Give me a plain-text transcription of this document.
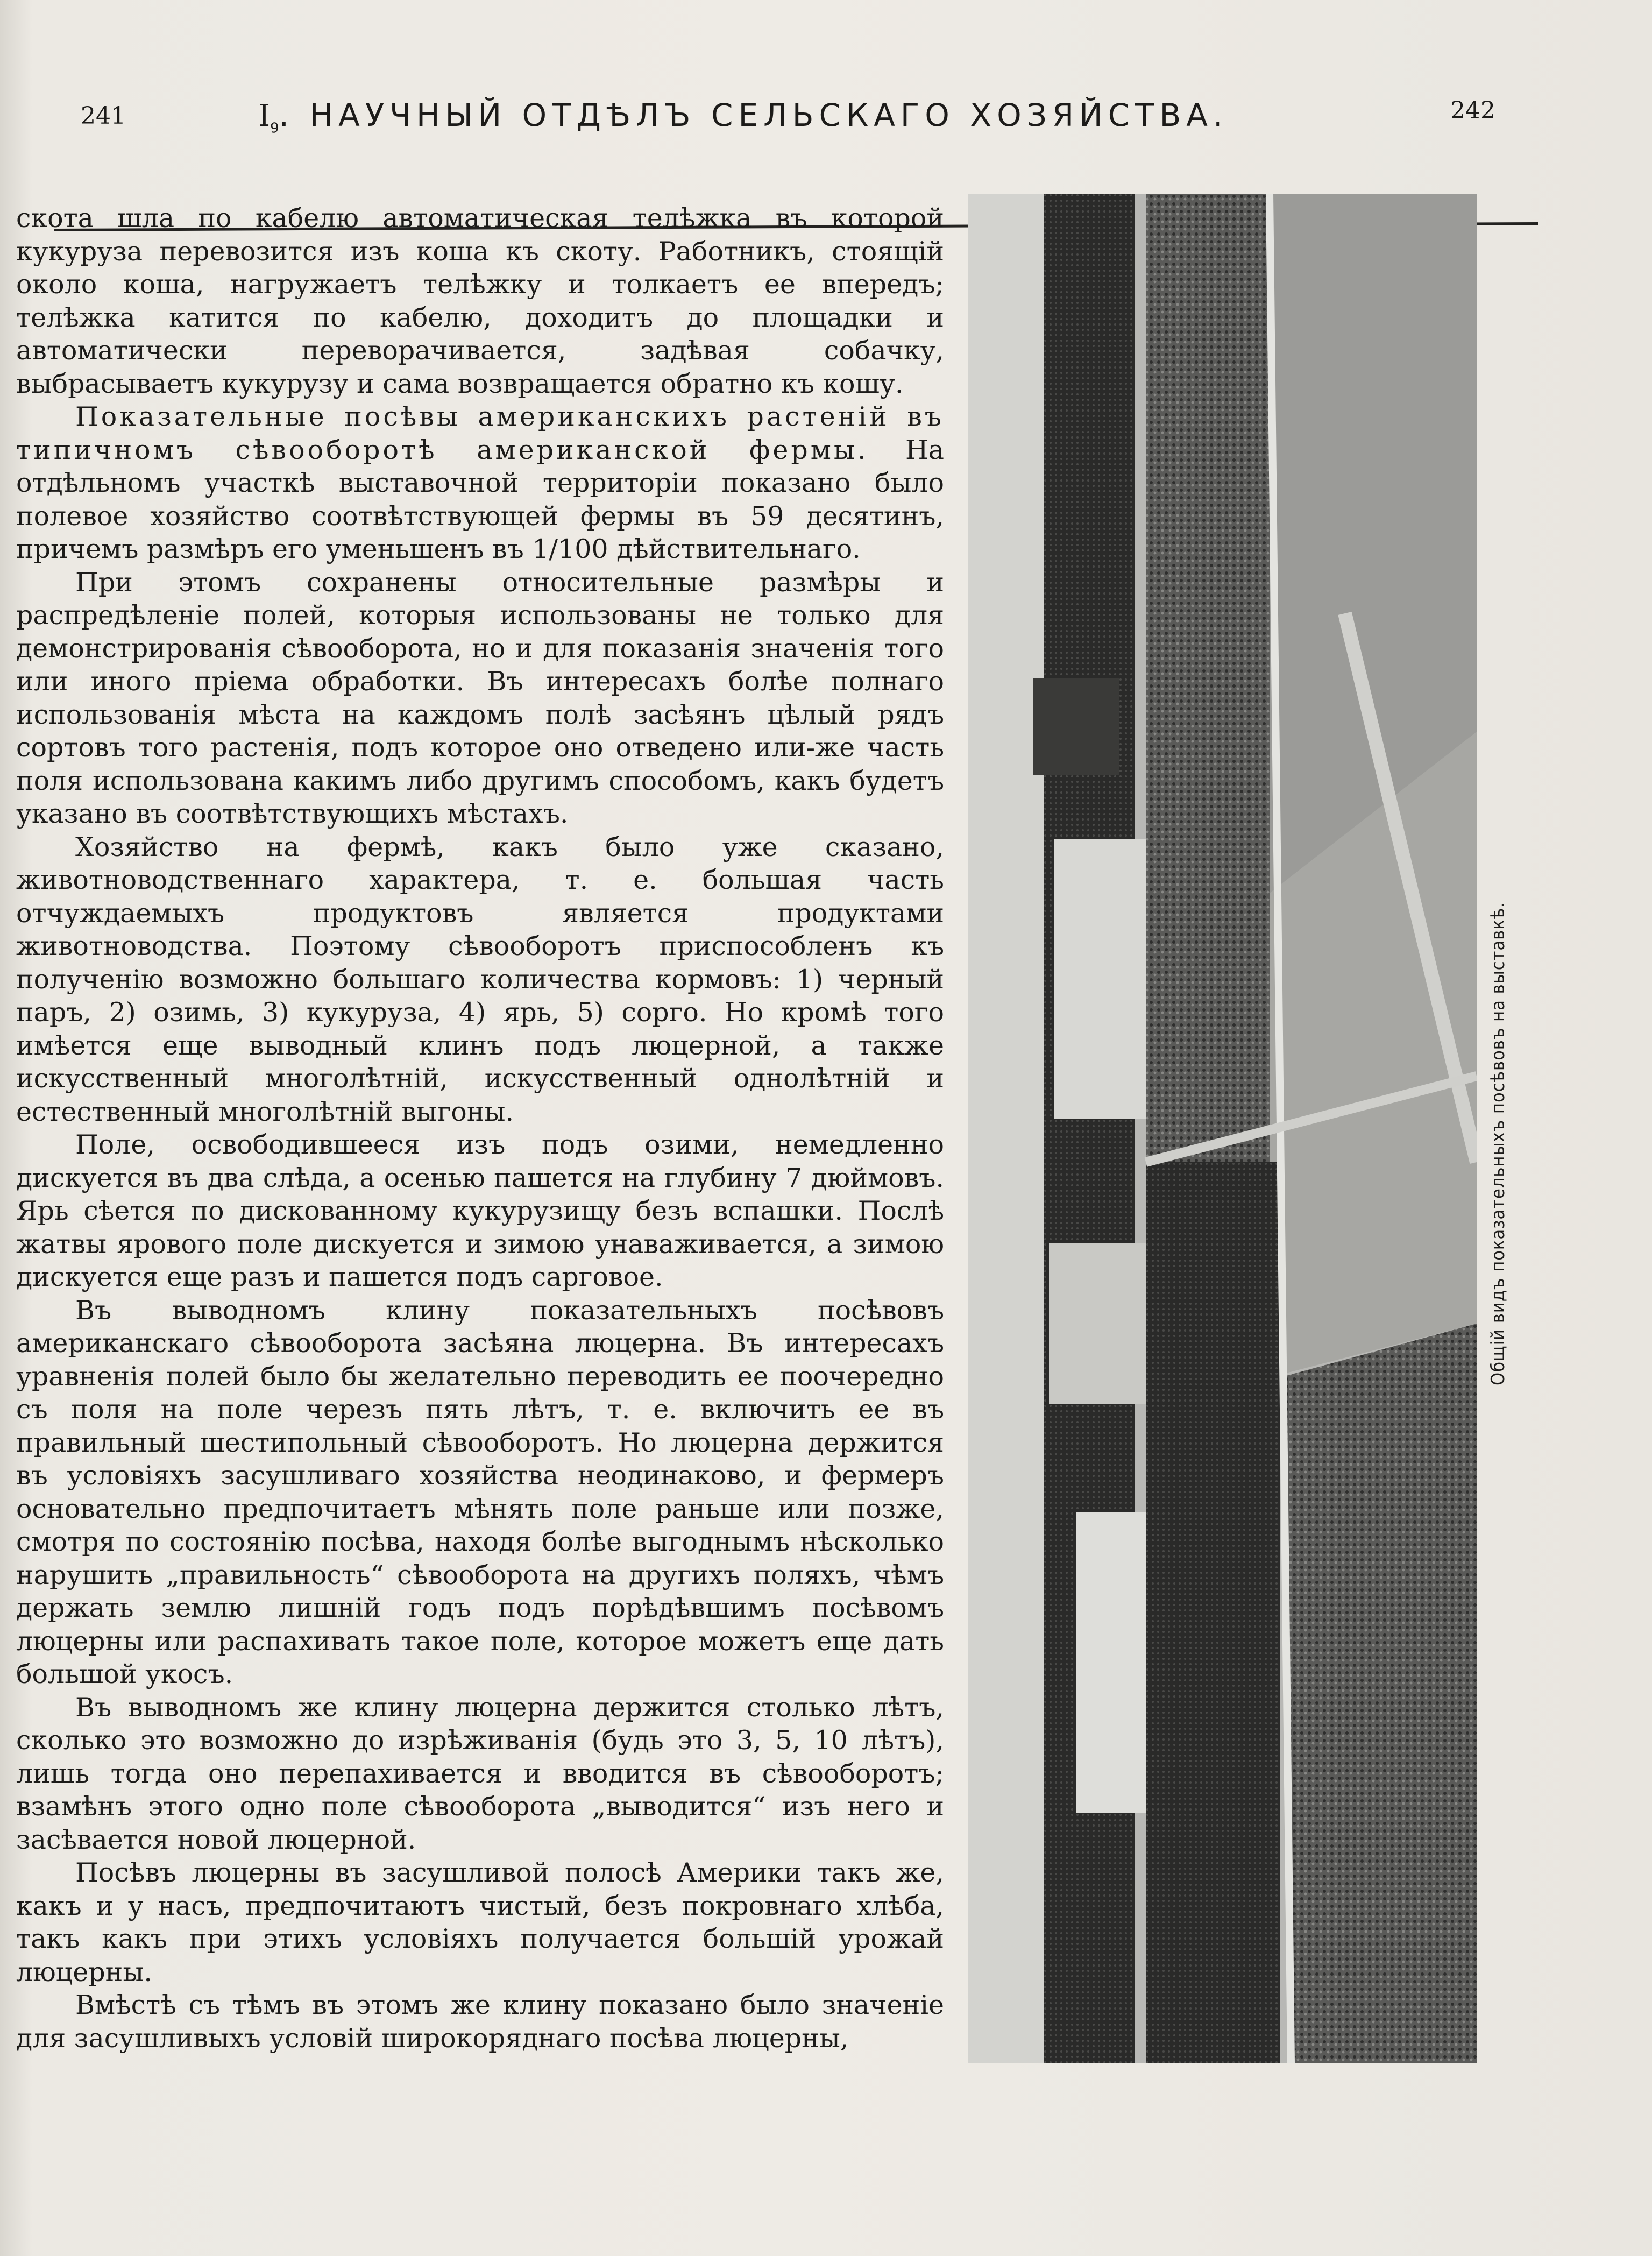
241	$I_9$. НАУЧНЫЙ ОТДѢЛЪ СЕЛЬСКАГО ХОЗЯЙСТВА.	242

скота шла по кабелю автоматическая телѣжка въ которой кукуруза перевозится изъ коша къ скоту. Работникъ, стоящій около коша, нагружаетъ телѣжку и толкаетъ ее впередъ; телѣжка катится по кабелю, доходитъ до площадки и автоматически переворачивается, задѣвая собачку, выбрасываетъ кукурузу и сама возвращается обратно къ кошу.

Показательные посѣвы американскихъ растеній въ типичномъ сѣвооборотѣ американской фермы. На отдѣльномъ участкѣ выставочной территоріи показано было полевое хозяйство соотвѣтствующей фермы въ 59 десятинъ, причемъ размѣръ его уменьшенъ въ 1/100 дѣйствительнаго.

При этомъ сохранены относительные размѣры и распредѣленіе полей, которыя использованы не только для демонстрированія сѣвооборота, но и для показанія значенія того или иного пріема обработки. Въ интересахъ болѣе полнаго использованія мѣста на каждомъ полѣ засѣянъ цѣлый рядъ сортовъ того растенія, подъ которое оно отведено или-же часть поля использована какимъ либо другимъ способомъ, какъ будетъ указано въ соотвѣтствующихъ мѣстахъ.

Хозяйство на фермѣ, какъ было уже сказано, животноводственнаго характера, т. е. большая часть отчуждаемыхъ продуктовъ является продуктами животноводства. Поэтому сѣвооборотъ приспособленъ къ полученію возможно большаго количества кормовъ: 1) черный паръ, 2) озимь, 3) кукуруза, 4) ярь, 5) сорго. Но кромѣ того имѣется еще выводный клинъ подъ люцерной, а также искусственный многолѣтній, искусственный однолѣтній и естественный многолѣтній выгоны.

Поле, освободившееся изъ подъ озими, немедленно дискуется въ два слѣда, а осенью пашется на глубину 7 дюймовъ. Ярь сѣется по дискованному кукурузищу безъ вспашки. Послѣ жатвы ярового поле дискуется и зимою унаваживается, а зимою дискуется еще разъ и пашется подъ сарговое.

Въ выводномъ клину показательныхъ посѣвовъ американскаго сѣвооборота засѣяна люцерна. Въ интересахъ уравненія полей было бы желательно переводить ее поочередно съ поля на поле черезъ пять лѣтъ, т. е. включить ее въ правильный шестипольный сѣвооборотъ. Но люцерна держится въ условіяхъ засушливаго хозяйства неодинаково, и фермеръ основательно предпочитаетъ мѣнять поле раньше или позже, смотря по состоянію посѣва, находя болѣе выгоднымъ нѣсколько нарушить „правильность“ сѣвооборота на другихъ поляхъ, чѣмъ держать землю лишній годъ подъ порѣдѣвшимъ посѣвомъ люцерны или распахивать такое поле, которое можетъ еще дать большой укосъ.

Въ выводномъ же клину люцерна держится столько лѣтъ, сколько это возможно до изрѣживанія (будь это 3, 5, 10 лѣтъ), лишь тогда оно перепахивается и вводится въ сѣвооборотъ; взамѣнъ этого одно поле сѣвооборота „выводится“ изъ него и засѣвается новой люцерной.

Посѣвъ люцерны въ засушливой полосѣ Америки такъ же, какъ и у насъ, предпочитаютъ чистый, безъ покровнаго хлѣба, такъ какъ при этихъ условіяхъ получается большій урожай люцерны.

Вмѣстѣ съ тѣмъ въ этомъ же клину показано было значеніе для засушливыхъ условій широкоряднаго посѣва люцерны,

Общій видъ показательныхъ посѣвовъ на выставкѣ.
